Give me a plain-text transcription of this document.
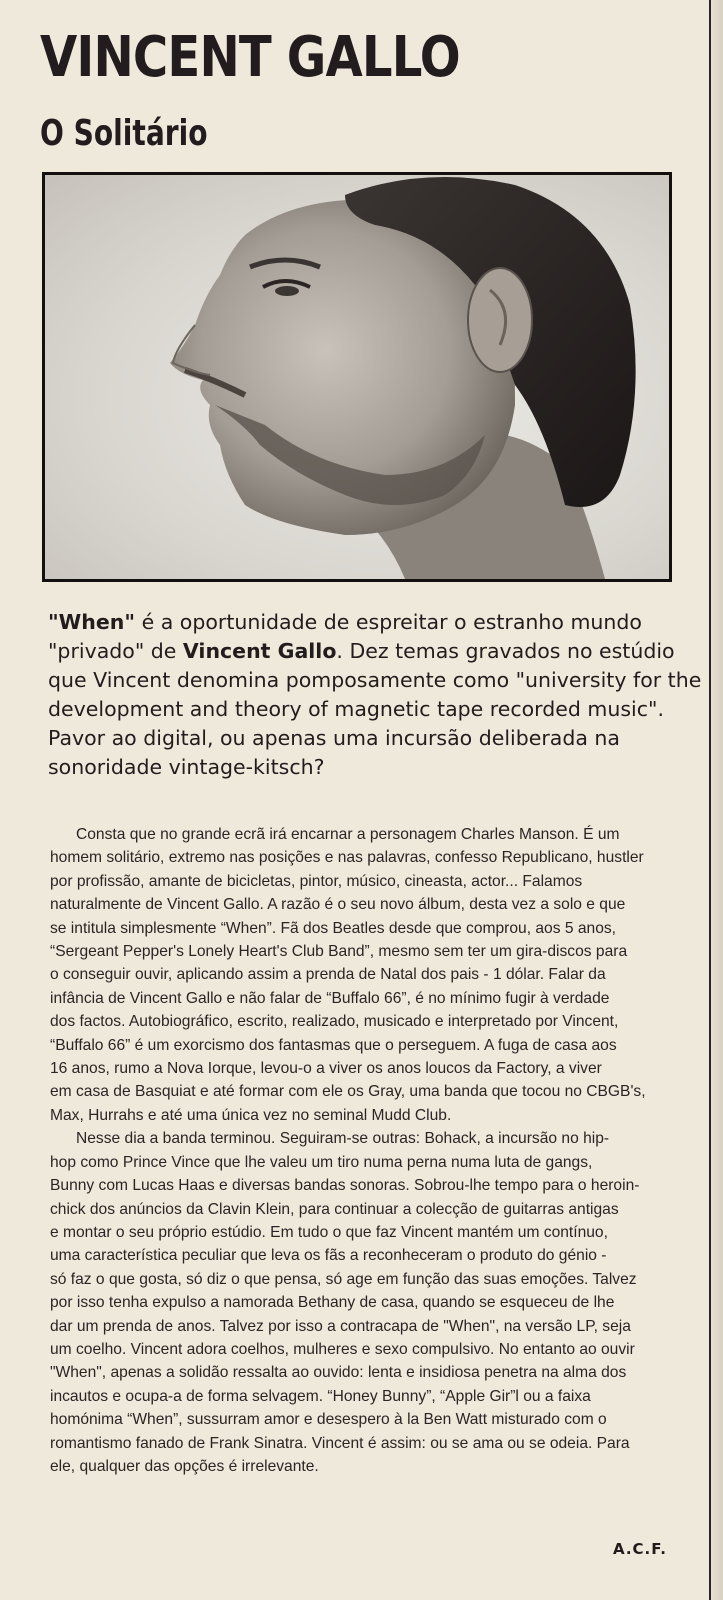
VINCENT GALLO
O Solitário
"When" é a oportunidade de espreitar o estranho mundo
"privado" de Vincent Gallo. Dez temas gravados no estúdio
que Vincent denomina pomposamente como "university for the
development and theory of magnetic tape recorded music".
Pavor ao digital, ou apenas uma incursão deliberada na
sonoridade vintage-kitsch?
Consta que no grande ecrã irá encarnar a personagem Charles Manson. É um
homem solitário, extremo nas posições e nas palavras, confesso Republicano, hustler
por profissão, amante de bicicletas, pintor, músico, cineasta, actor... Falamos
naturalmente de Vincent Gallo. A razão é o seu novo álbum, desta vez a solo e que
se intitula simplesmente “When”. Fã dos Beatles desde que comprou, aos 5 anos,
“Sergeant Pepper's Lonely Heart's Club Band”, mesmo sem ter um gira-discos para
o conseguir ouvir, aplicando assim a prenda de Natal dos pais - 1 dólar. Falar da
infância de Vincent Gallo e não falar de “Buffalo 66”, é no mínimo fugir à verdade
dos factos. Autobiográfico, escrito, realizado, musicado e interpretado por Vincent,
“Buffalo 66” é um exorcismo dos fantasmas que o perseguem. A fuga de casa aos
16 anos, rumo a Nova Iorque, levou-o a viver os anos loucos da Factory, a viver
em casa de Basquiat e até formar com ele os Gray, uma banda que tocou no CBGB's,
Max, Hurrahs e até uma única vez no seminal Mudd Club.
Nesse dia a banda terminou. Seguiram-se outras: Bohack, a incursão no hip-
hop como Prince Vince que lhe valeu um tiro numa perna numa luta de gangs,
Bunny com Lucas Haas e diversas bandas sonoras. Sobrou-lhe tempo para o heroin-
chick dos anúncios da Clavin Klein, para continuar a colecção de guitarras antigas
e montar o seu próprio estúdio. Em tudo o que faz Vincent mantém um contínuo,
uma característica peculiar que leva os fãs a reconheceram o produto do génio -
só faz o que gosta, só diz o que pensa, só age em função das suas emoções. Talvez
por isso tenha expulso a namorada Bethany de casa, quando se esqueceu de lhe
dar um prenda de anos. Talvez por isso a contracapa de "When", na versão LP, seja
um coelho. Vincent adora coelhos, mulheres e sexo compulsivo. No entanto ao ouvir
"When", apenas a solidão ressalta ao ouvido: lenta e insidiosa penetra na alma dos
incautos e ocupa-a de forma selvagem. “Honey Bunny”, “Apple Gir”l ou a faixa
homónima “When”, sussurram amor e desespero à la Ben Watt misturado com o
romantismo fanado de Frank Sinatra. Vincent é assim: ou se ama ou se odeia. Para
ele, qualquer das opções é irrelevante.
A.C.F.
